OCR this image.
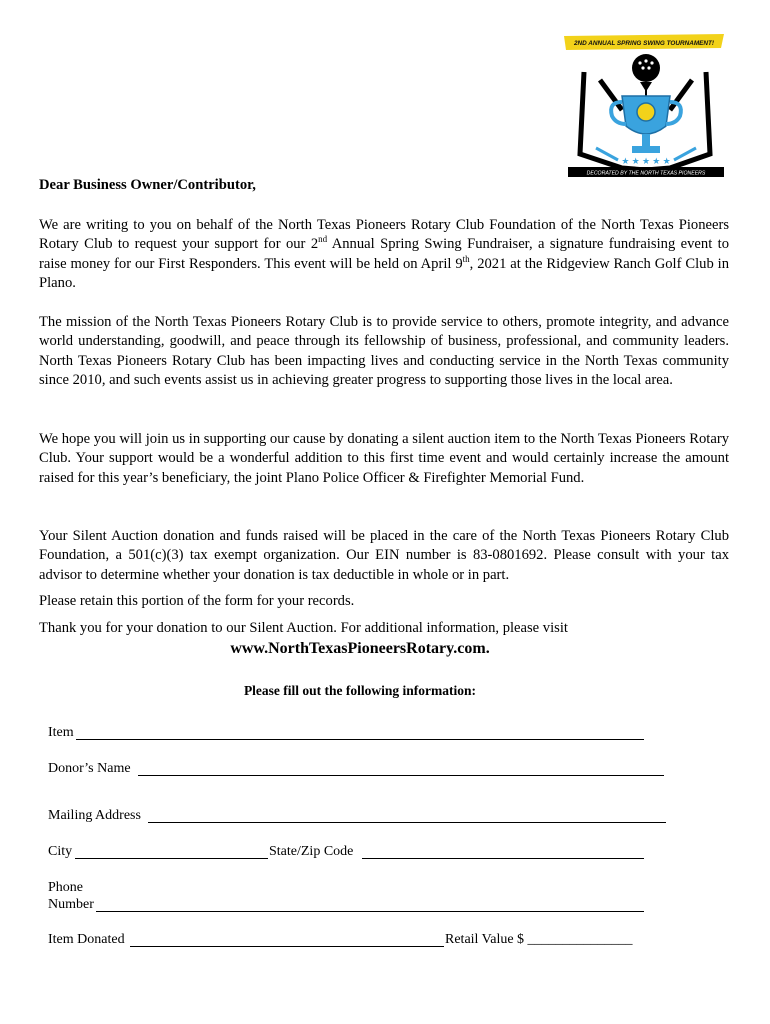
2ND ANNUAL SPRING SWING TOURNAMENT!
★ ★ ★ ★ ★
DECORATED BY THE NORTH TEXAS PIONEERS
Dear Business Owner/Contributor,

We are writing to you on behalf of the North Texas Pioneers Rotary Club Foundation of the North Texas Pioneers Rotary Club to request your support for our 2nd Annual Spring Swing Fundraiser, a signature fundraising event to raise money for our First Responders. This event will be held on April 9th, 2021 at the Ridgeview Ranch Golf Club in Plano.

The mission of the North Texas Pioneers Rotary Club is to provide service to others, promote integrity, and advance world understanding, goodwill, and peace through its fellowship of business, professional, and community leaders. North Texas Pioneers Rotary Club has been impacting lives and conducting service in the North Texas community since 2010, and such events assist us in achieving greater progress to supporting those lives in the local area.

We hope you will join us in supporting our cause by donating a silent auction item to the North Texas Pioneers Rotary Club. Your support would be a wonderful addition to this first time event and would certainly increase the amount raised for this year’s beneficiary, the joint Plano Police Officer & Firefighter Memorial Fund.

Your Silent Auction donation and funds raised will be placed in the care of the North Texas Pioneers Rotary Club Foundation, a 501(c)(3) tax exempt organization. Our EIN number is 83-0801692. Please consult with your tax advisor to determine whether your donation is tax deductible in whole or in part.

Please retain this portion of the form for your records.
Thank you for your donation to our Silent Auction. For additional information, please visit
www.NorthTexasPioneersRotary.com.
Please fill out the following information:
Item
Donor’s Name
Mailing Address
City	State/Zip Code
Phone
Number
Item Donated	Retail Value $ _______________
